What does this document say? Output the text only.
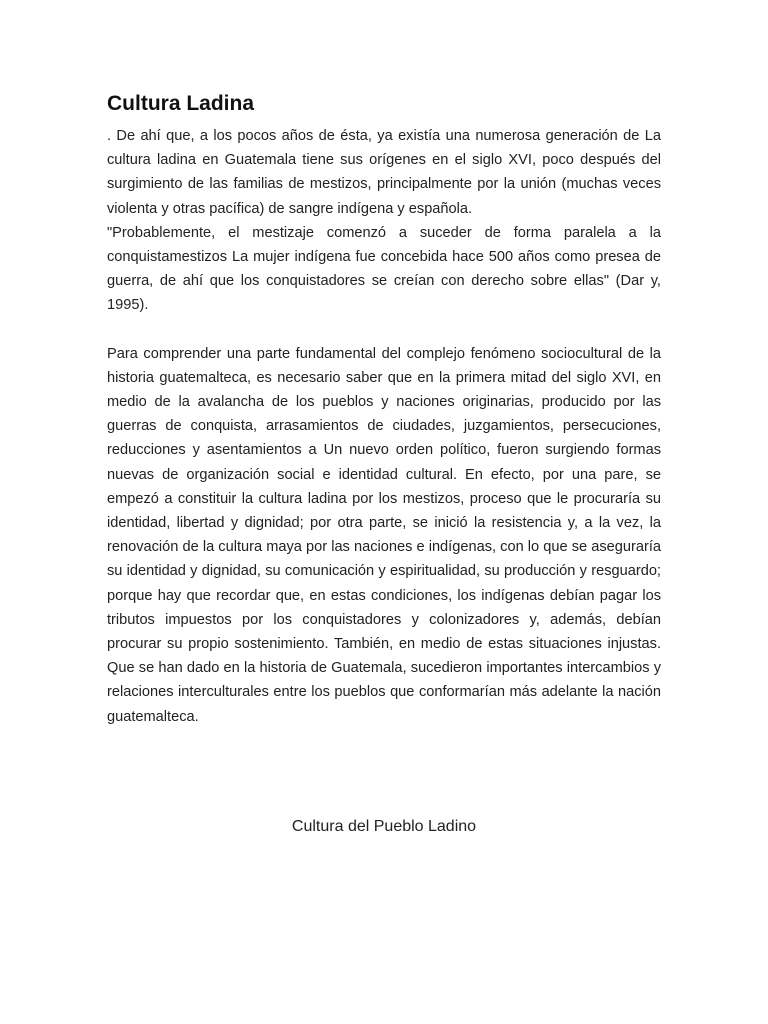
Cultura Ladina

. De ahí que, a los pocos años de ésta, ya existía una numerosa generación de La cultura ladina en Guatemala tiene sus orígenes en el siglo XVI, poco después del surgimiento de las familias de mestizos, principalmente por la unión (muchas veces violenta y otras pacífica) de sangre indígena y española.

"Probablemente, el mestizaje comenzó a suceder de forma paralela a la conquistamestizos La mujer indígena fue concebida hace 500 años como presea de guerra, de ahí que los conquistadores se creían con derecho sobre ellas" (Dar y, 1995).

Para comprender una parte fundamental del complejo fenómeno sociocultural de la historia guatemalteca, es necesario saber que en la primera mitad del siglo XVI, en medio de la avalancha de los pueblos y naciones originarias, producido por las guerras de conquista, arrasamientos de ciudades, juzgamientos, persecuciones, reducciones y asentamientos a Un nuevo orden político, fueron surgiendo formas nuevas de organización social e identidad cultural. En efecto, por una pare, se empezó a constituir la cultura ladina por los mestizos, proceso que le procuraría su identidad, libertad y dignidad; por otra parte, se inició la resistencia y, a la vez, la renovación de la cultura maya por las naciones e indígenas, con lo que se aseguraría su identidad y dignidad, su comunicación y espiritualidad, su producción y resguardo; porque hay que recordar que, en estas condiciones, los indígenas debían pagar los tributos impuestos por los conquistadores y colonizadores y, además, debían procurar su propio sostenimiento. También, en medio de estas situaciones injustas. Que se han dado en la historia de Guatemala, sucedieron importantes intercambios y relaciones interculturales entre los pueblos que conformarían más adelante la nación guatemalteca.

Cultura del Pueblo Ladino
